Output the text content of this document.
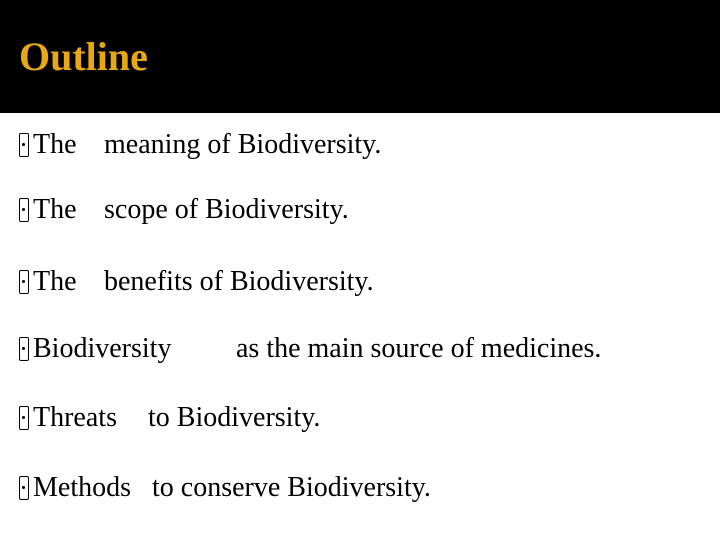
Outline
The meaning of Biodiversity.
The scope of Biodiversity.
The benefits of Biodiversity.
Biodiversity as the main source of medicines.
Threats to Biodiversity.
Methods to conserve Biodiversity.
